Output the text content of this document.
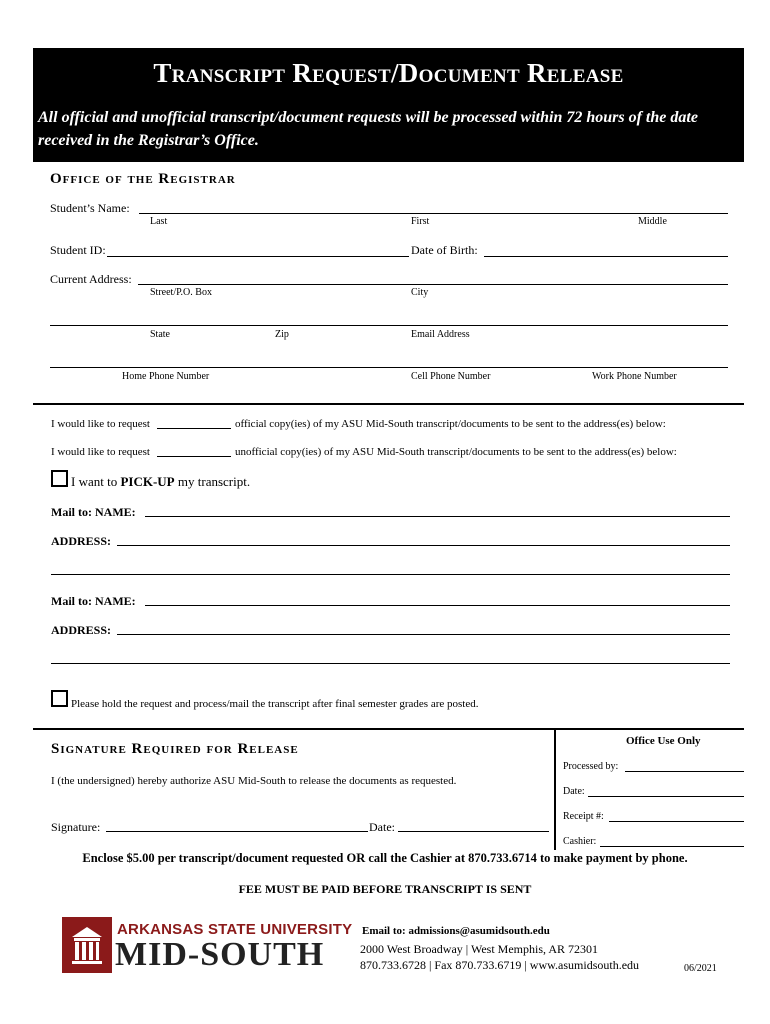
Transcript Request/Document Release
All official and unofficial transcript/document requests will be processed within 72 hours of the date received in the Registrar’s Office.
Office of the Registrar
Student’s Name:
Last	First	Middle
Student ID:	Date of Birth:
Current Address:
Street/P.O. Box	City
State	Zip	Email Address
Home Phone Number	Cell Phone Number	Work Phone Number
I would like to request	official copy(ies) of my ASU Mid-South transcript/documents to be sent to the address(es) below:
I would like to request	unofficial copy(ies) of my ASU Mid-South transcript/documents to be sent to the address(es) below:
I want to PICK-UP my transcript.
Mail to: NAME:
ADDRESS:
Mail to: NAME:
ADDRESS:
Please hold the request and process/mail the transcript after final semester grades are posted.
Signature Required for Release
I (the undersigned) hereby authorize ASU Mid-South to release the documents as requested.
Signature:	Date:
Office Use Only
Processed by:
Date:
Receipt #:
Cashier:
Enclose $5.00 per transcript/document requested OR call the Cashier at 870.733.6714 to make payment by phone.
FEE MUST BE PAID BEFORE TRANSCRIPT IS SENT
ARKANSAS STATE UNIVERSITY
MID-SOUTH
Email to: admissions@asumidsouth.edu
2000 West Broadway | West Memphis, AR 72301
870.733.6728 | Fax 870.733.6719 | www.asumidsouth.edu	06/2021
